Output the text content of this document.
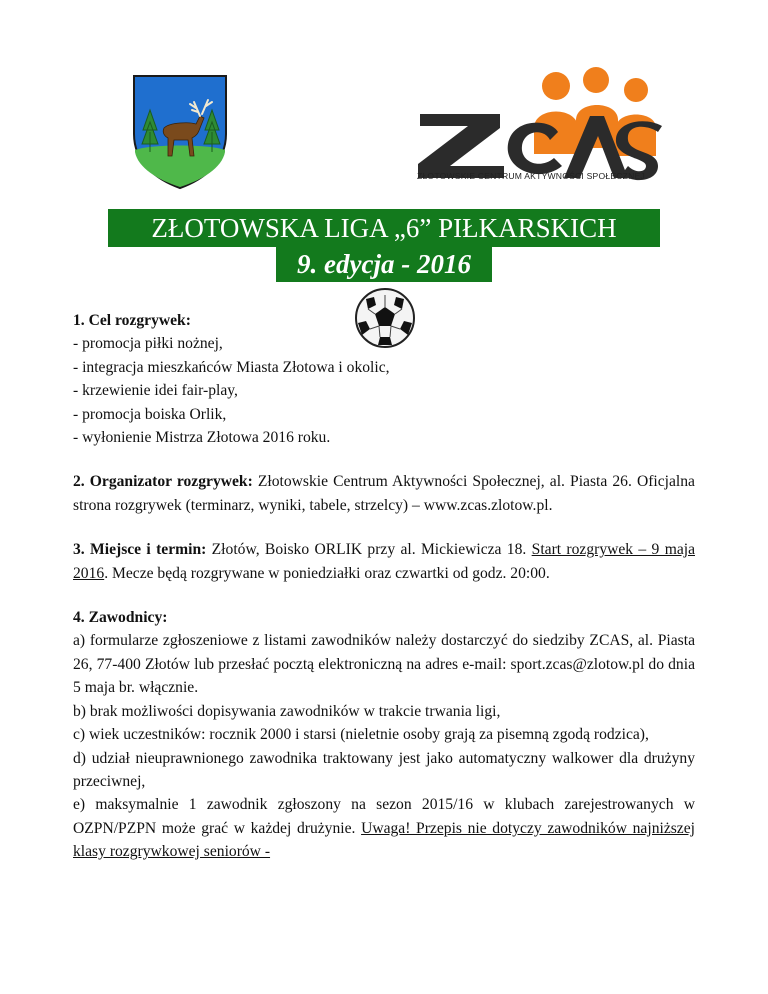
ZŁOTOWSKIE CENTRUM AKTYWNOŚCI SPOŁECZNEJ
ZŁOTOWSKA LIGA „6” PIŁKARSKICH
9. edycja - 2016

1. Cel rozgrywek:

- promocja piłki nożnej,

- integracja mieszkańców Miasta Złotowa i okolic,

- krzewienie idei fair-play,

- promocja boiska Orlik,

- wyłonienie Mistrza Złotowa 2016 roku.

2. Organizator rozgrywek: Złotowskie Centrum Aktywności Społecznej, al. Piasta 26. Oficjalna strona rozgrywek (terminarz, wyniki, tabele, strzelcy) – www.zcas.zlotow.pl.

3. Miejsce i termin: Złotów, Boisko ORLIK przy al. Mickiewicza 18. Start rozgrywek – 9 maja 2016. Mecze będą rozgrywane w poniedziałki oraz czwartki od godz. 20:00.

4. Zawodnicy:

a) formularze zgłoszeniowe z listami zawodników należy dostarczyć do siedziby ZCAS, al. Piasta 26, 77-400 Złotów lub przesłać pocztą elektroniczną na adres e-mail: sport.zcas@zlotow.pl do dnia 5 maja br. włącznie.

b) brak możliwości dopisywania zawodników w trakcie trwania ligi,

c) wiek uczestników: rocznik 2000 i starsi (nieletnie osoby grają za pisemną zgodą rodzica),

d) udział nieuprawnionego zawodnika traktowany jest jako automatyczny walkower dla drużyny przeciwnej,

e) maksymalnie 1 zawodnik zgłoszony na sezon 2015/16 w klubach zarejestrowanych w OZPN/PZPN może grać w każdej drużynie. Uwaga! Przepis nie dotyczy zawodników najniższej klasy rozgrywkowej seniorów -
